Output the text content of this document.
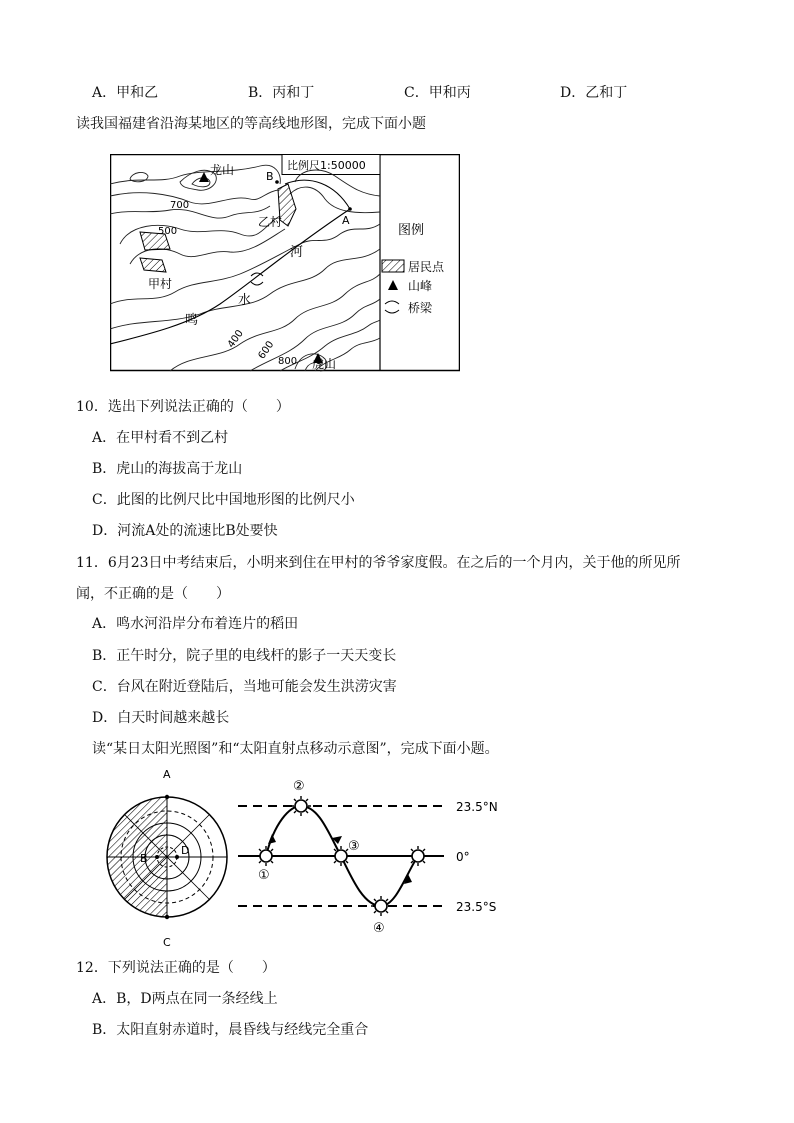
A．甲和乙	B．丙和丁	C．甲和丙	D．乙和丁
读我国福建省沿海某地区的等高线地形图，完成下面小题
比例尺1:50000
龙山
虎山
甲村
乙村
河
水
鸣
B
A
500
700
400
600
800
图例
居民点
山峰
桥梁
10．选出下列说法正确的（　　）
A．在甲村看不到乙村
B．虎山的海拔高于龙山
C．此图的比例尺比中国地形图的比例尺小
D．河流A处的流速比B处要快
11．6月23日中考结束后，小明来到住在甲村的爷爷家度假。在之后的一个月内，关于他的所见所
闻，不正确的是（　　）
A．鸣水河沿岸分布着连片的稻田
B．正午时分，院子里的电线杆的影子一天天变长
C．台风在附近登陆后，当地可能会发生洪涝灾害
D．白天时间越来越长
读“某日太阳光照图”和“太阳直射点移动示意图”，完成下面小题。
A
C
B
D
①
②
③
④
23.5°N
0°
23.5°S
12．下列说法正确的是（　　）
A．B，D两点在同一条经线上
B．太阳直射赤道时，晨昏线与经线完全重合
